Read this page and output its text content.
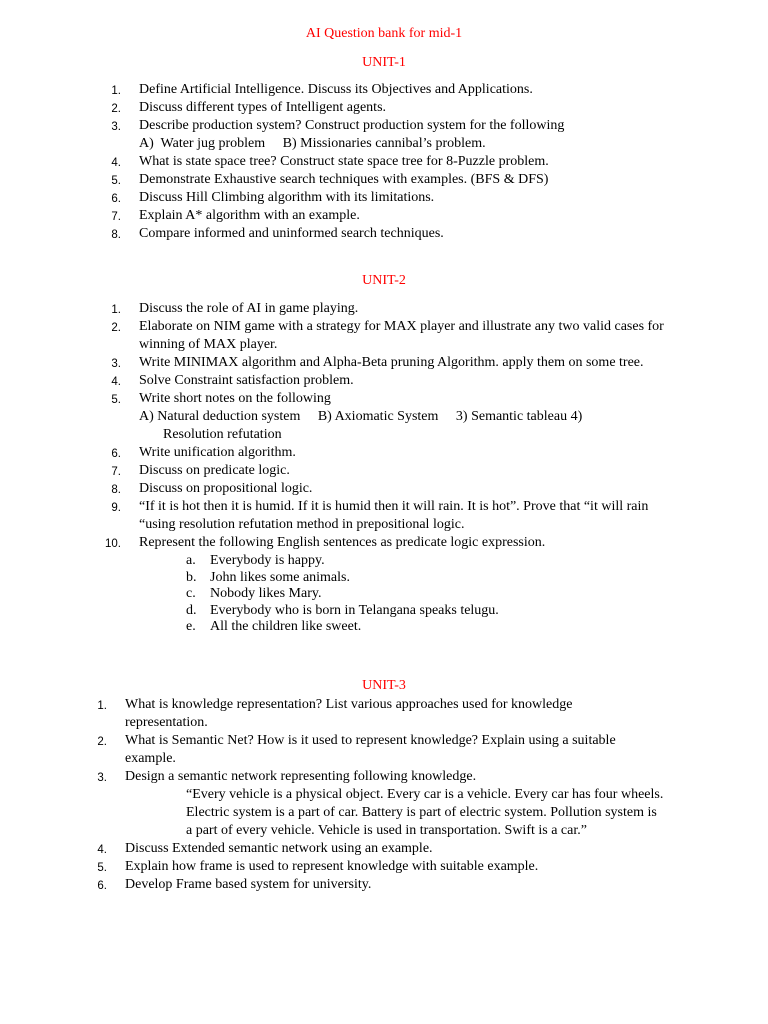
AI Question bank for mid-1
UNIT-1
1. Define Artificial Intelligence. Discuss its Objectives and Applications.
2. Discuss different types of Intelligent agents.
3. Describe production system? Construct production system for the following
A)  Water jug problem     B) Missionaries cannibal’s problem.
4. What is state space tree? Construct state space tree for 8-Puzzle problem.
5. Demonstrate Exhaustive search techniques with examples. (BFS & DFS)
6. Discuss Hill Climbing algorithm with its limitations.
7. Explain A* algorithm with an example.
8. Compare informed and uninformed search techniques.
UNIT-2
1. Discuss the role of AI in game playing.
2. Elaborate on NIM game with a strategy for MAX player and illustrate any two valid cases for winning of MAX player.
3. Write MINIMAX algorithm and Alpha-Beta pruning Algorithm. apply them on some tree.
4. Solve Constraint satisfaction problem.
5. Write short notes on the following
A) Natural deduction system     B) Axiomatic System     3) Semantic tableau 4)
Resolution refutation
6. Write unification algorithm.
7. Discuss on predicate logic.
8. Discuss on propositional logic.
9. “If it is hot then it is humid. If it is humid then it will rain. It is hot”. Prove that “it will rain “using resolution refutation method in prepositional logic.
10. Represent the following English sentences as predicate logic expression.
a.	Everybody is happy.
b. John likes some animals.
c.	Nobody likes Mary.
d. Everybody who is born in Telangana speaks telugu.
e.	All the children like sweet.
UNIT-3
1. What is knowledge representation? List various approaches used for knowledge representation.
2. What is Semantic Net? How is it used to represent knowledge? Explain using a suitable example.
3. Design a semantic network representing following knowledge.
“Every vehicle is a physical object. Every car is a vehicle. Every car has four wheels. Electric system is a part of car. Battery is part of electric system. Pollution system is a part of every vehicle. Vehicle is used in transportation. Swift is a car.”
4. Discuss Extended semantic network using an example.
5. Explain how frame is used to represent knowledge with suitable example.
6. Develop Frame based system for university.
